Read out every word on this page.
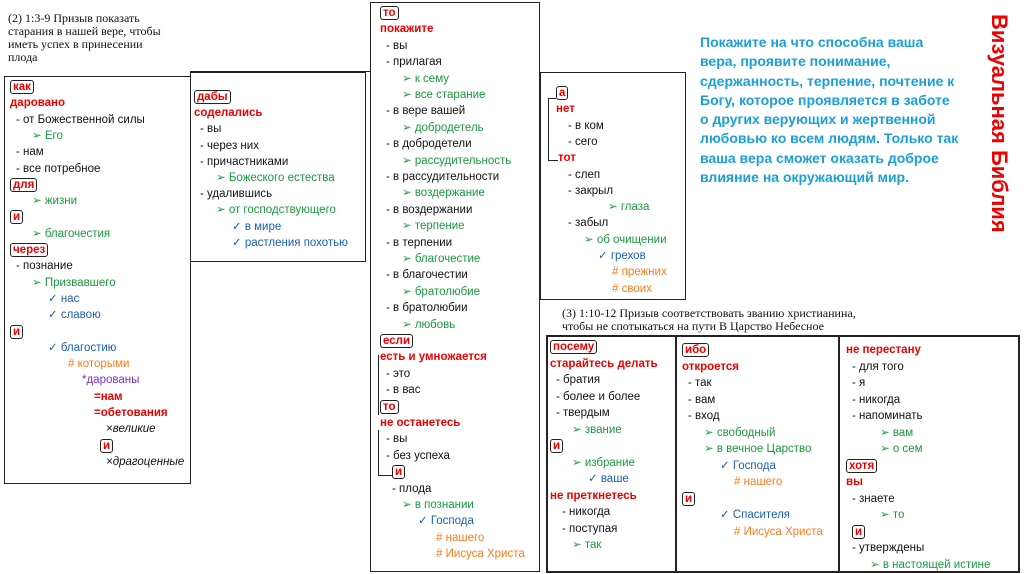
(2) 1:3-9 Призыв показать
старания в нашей вере, чтобы
иметь успех в принесении
плода
как
даровано
- от Божественной силы
➢ Его
- нам
- все потребное
для
➢ жизни
и
➢ благочестия
через
- познание
➢ Призвавшего
✓ нас
✓ славою
и
✓ благостию
# которыми
*дарованы
=нам
=обетования
×великие
и
×драгоценные
дабы
соделались
- вы
- через них
- причастниками
➢ Божеского естества
- удалившись
➢ от господствующего
✓ в мире
✓ растления похотью
то
покажите
- вы
- прилагая
➢ к сему
➢ все старание
- в вере вашей
➢ добродетель
- в добродетели
➢ рассудительность
- в рассудительности
➢ воздержание
- в воздержании
➢ терпение
- в терпении
➢ благочестие
- в благочестии
➢ братолюбие
- в братолюбии
➢ любовь
если
есть и умножается
- это
- в вас
то
не останетесь
- вы
- без успеха
и
- плода
➢ в познании
✓ Господа
# нашего
# Иисуса Христа
а
нет
- в ком
- сего
тот
- слеп
- закрыл
➢ глаза
- забыл
➢ об очищении
✓ грехов
# прежних
# своих
Покажите на что способна ваша вера, проявите понимание, сдержанность, терпение, почтение к Богу, которое проявляется в заботе о других верующих и жертвенной любовью ко всем людям. Только так ваша вера сможет оказать доброе влияние на окружающий мир.	Визуальная Библия
(3) 1:10-12 Призыв соответствовать званию христианина,
чтобы не спотыкаться на пути В Царство Небесное
посему
старайтесь делать
- братия
- более и более
- твердым
➢ звание
и
➢ избрание
✓ ваше
не преткнетесь
- никогда
- поступая
➢ так
ибо
откроется
- так
- вам
- вход
➢ свободный
➢ в вечное Царство
✓ Господа
# нашего
и
✓ Спасителя
# Иисуса Христа
не перестану
- для того
- я
- никогда
- напоминать
➢ вам
➢ о сем
хотя
вы
- знаете
➢ то
и
- утверждены
➢ в настоящей истине
